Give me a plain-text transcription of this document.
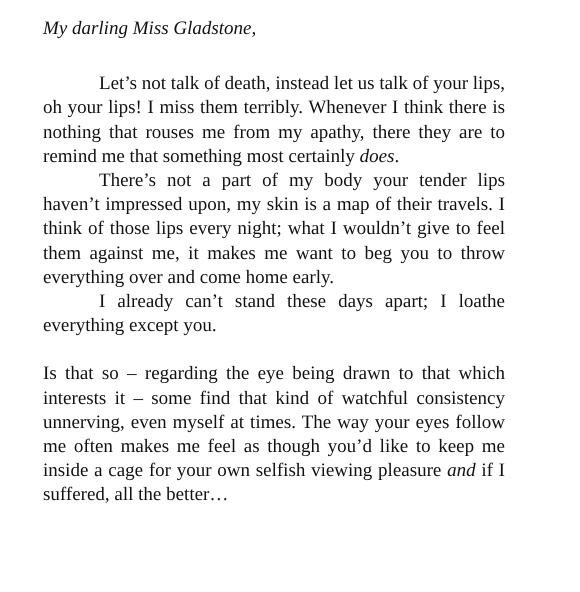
My darling Miss Gladstone,

Let’s not talk of death, instead let us talk of your lips, oh your lips! I miss them terribly. Whenever I think there is nothing that rouses me from my apathy, there they are to remind me that something most certainly does.

There’s not a part of my body your tender lips haven’t impressed upon, my skin is a map of their travels. I think of those lips every night; what I wouldn’t give to feel them against me, it makes me want to beg you to throw everything over and come home early.

I already can’t stand these days apart; I loathe everything except you.

Is that so – regarding the eye being drawn to that which interests it – some find that kind of watchful consistency unnerving, even myself at times. The way your eyes follow me often makes me feel as though you’d like to keep me inside a cage for your own selfish viewing pleasure and if I suffered, all the better…
